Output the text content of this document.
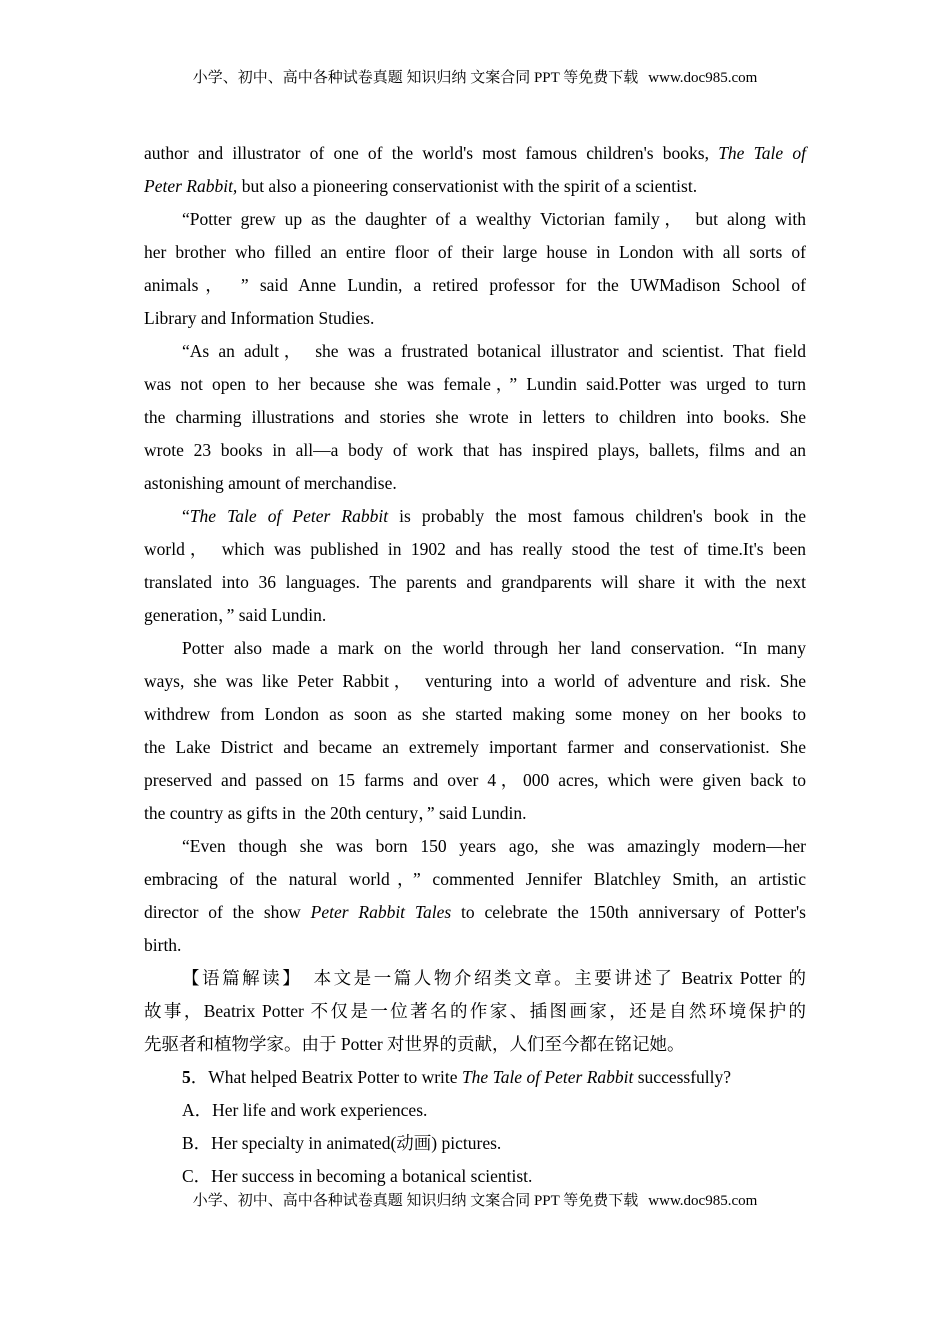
小学、初中、高中各种试卷真题 知识归纳 文案合同 PPT 等免费下载 www.doc985.com
author and illustrator of one of the world's most famous children's books, The Tale of
Peter Rabbit, but also a pioneering conservationist with the spirit of a scientist.
“Potter grew up as the daughter of a wealthy Victorian family， but along with
her brother who filled an entire floor of their large house in London with all sorts of
animals， ” said Anne Lundin, a retired professor for the UWMadison School of
Library and Information Studies.
“As an adult， she was a frustrated botanical illustrator and scientist. That field
was not open to her because she was female，” Lundin said.Potter was urged to turn
the charming illustrations and stories she wrote in letters to children into books. She
wrote 23 books in all—a body of work that has inspired plays, ballets, films and an
astonishing amount of merchandise.
“The Tale of Peter Rabbit is probably the most famous children's book in the
world， which was published in 1902 and has really stood the test of time.It's been
translated into 36 languages. The parents and grandparents will share it with the next
generation，” said Lundin.
Potter also made a mark on the world through her land conservation. “In many
ways, she was like Peter Rabbit， venturing into a world of adventure and risk. She
withdrew from London as soon as she started making some money on her books to
the Lake District and became an extremely important farmer and conservationist. She
preserved and passed on 15 farms and over 4，000 acres, which were given back to
the country as gifts in  the 20th century，” said Lundin.
“Even though she was born 150 years ago, she was amazingly modern—her
embracing of the natural world，” commented Jennifer Blatchley Smith, an artistic
director of the show Peter Rabbit Tales to celebrate the 150th anniversary of Potter's
birth.
【语篇解读】　本文是一篇人物介绍类文章。主要讲述了 Beatrix Potter 的
故事，Beatrix Potter 不仅是一位著名的作家、插图画家，还是自然环境保护的
先驱者和植物学家。由于 Potter 对世界的贡献，人们至今都在铭记她。
5．What helped Beatrix Potter to write The Tale of Peter Rabbit successfully?
A．Her life and work experiences.
B．Her specialty in animated(动画) pictures.
C．Her success in becoming a botanical scientist.
小学、初中、高中各种试卷真题 知识归纳 文案合同 PPT 等免费下载 www.doc985.com
